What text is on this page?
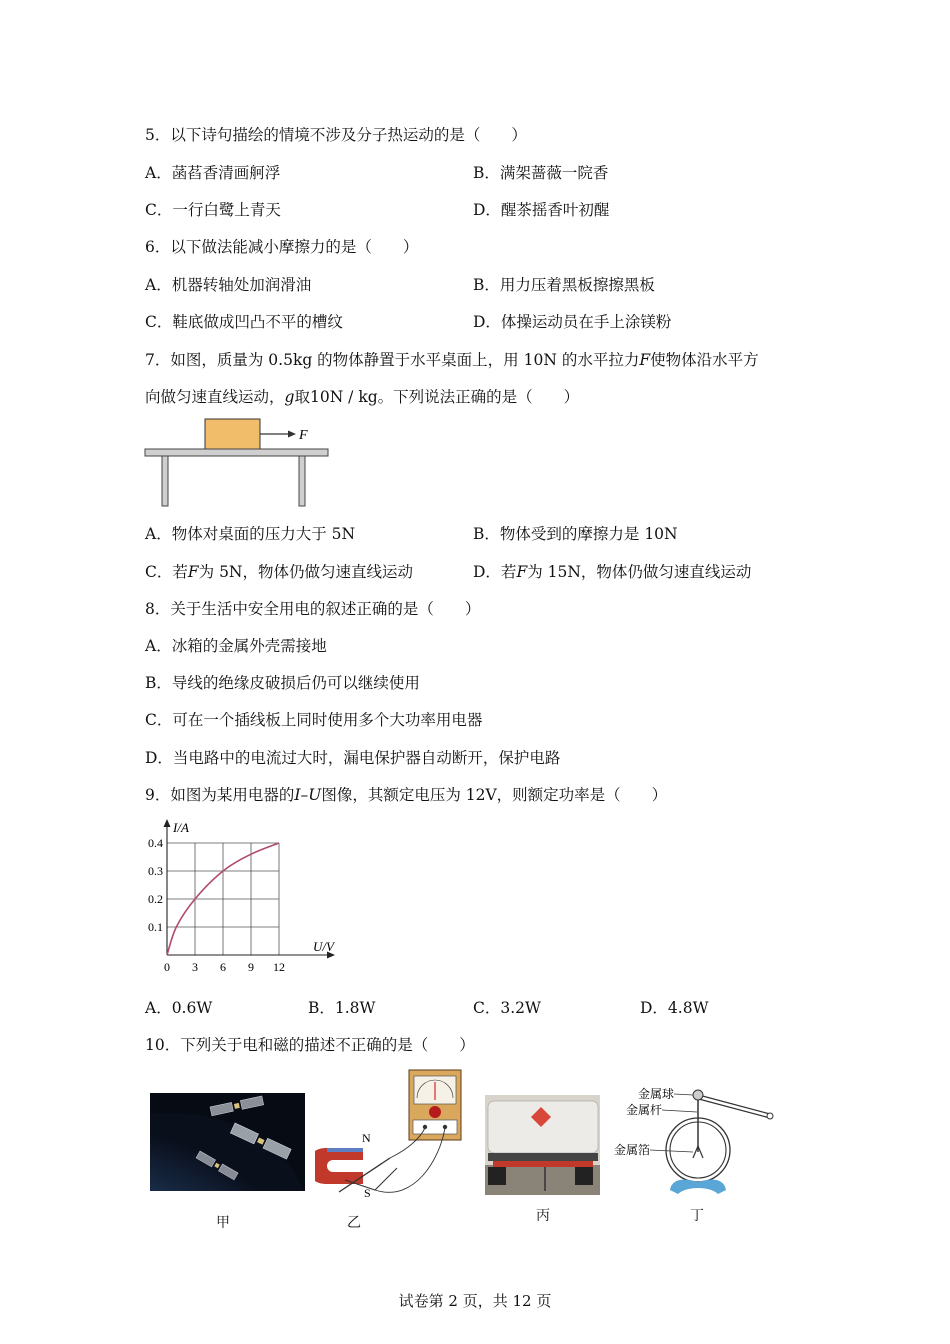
5．以下诗句描绘的情境不涉及分子热运动的是（　　）
A．菡萏香清画舸浮	B．满架蔷薇一院香
C．一行白鹭上青天	D．醒茶摇香叶初醒
6．以下做法能减小摩擦力的是（　　）
A．机器转轴处加润滑油	B．用力压着黑板擦擦黑板
C．鞋底做成凹凸不平的槽纹	D．体操运动员在手上涂镁粉
7．如图，质量为 0.5kg 的物体静置于水平桌面上，用 10N 的水平拉力F使物体沿水平方
向做匀速直线运动，g取10N / kg。下列说法正确的是（　　）
F
A．物体对桌面的压力大于 5N	B．物体受到的摩擦力是 10N
C．若F为 5N，物体仍做匀速直线运动	D．若F为 15N，物体仍做匀速直线运动
8．关于生活中安全用电的叙述正确的是（　　）
A．冰箱的金属外壳需接地
B．导线的绝缘皮破损后仍可以继续使用
C．可在一个插线板上同时使用多个大功率用电器
D．当电路中的电流过大时，漏电保护器自动断开，保护电路
9．如图为某用电器的I–U图像，其额定电压为 12V，则额定功率是（　　）
0 3 6 9 12
0.1
0.2
0.3
0.4
I/A
U/V
A．0.6W	B．1.8W	C．3.2W	D．4.8W
10．下列关于电和磁的描述不正确的是（　　）
甲
N
S
乙	丙
金属球
金属杆
金属箔
丁
试卷第 2 页，共 12 页
